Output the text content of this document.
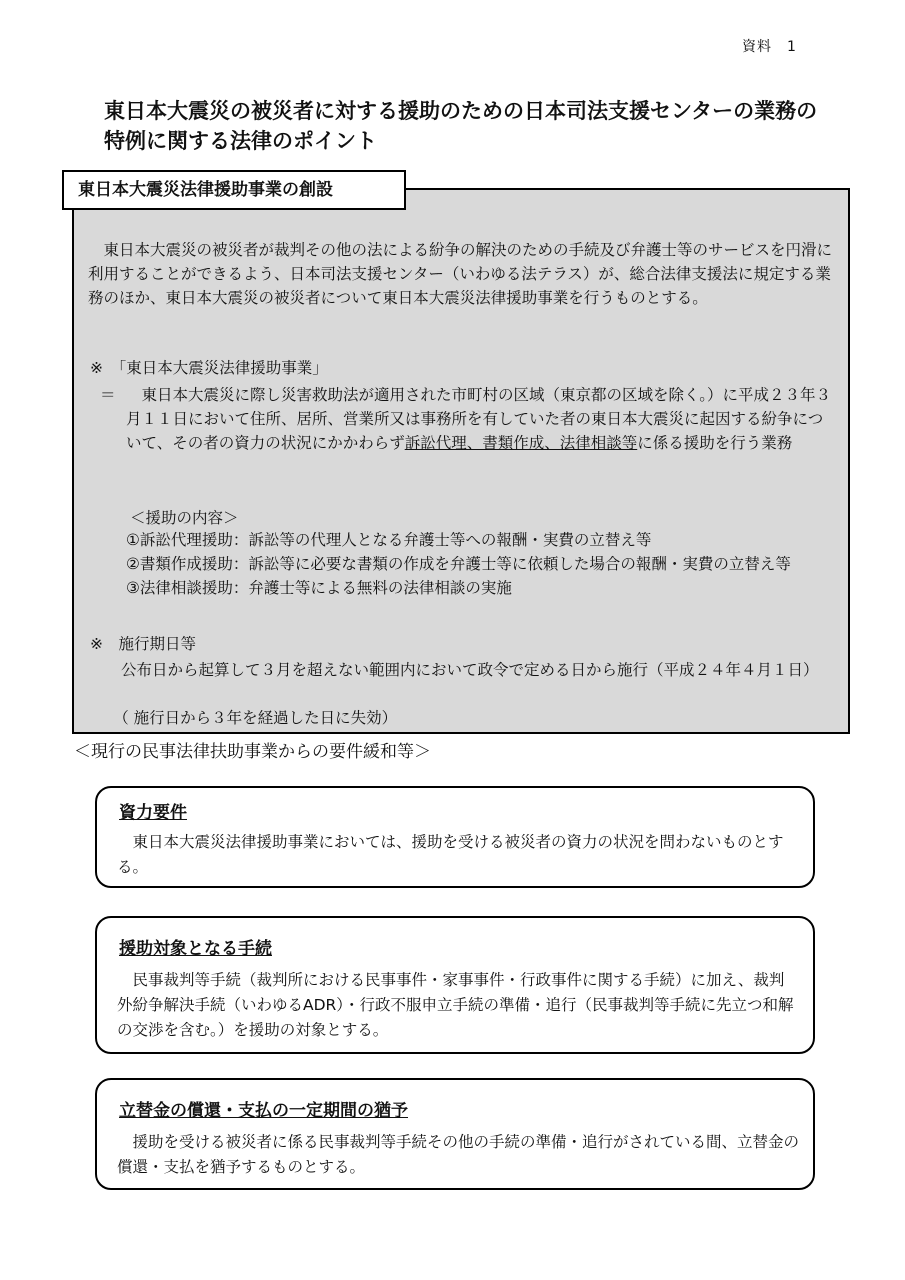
資料　1
東日本大震災の被災者に対する援助のための日本司法支援センターの業務の特例に関する法律のポイント

　東日本大震災の被災者が裁判その他の法による紛争の解決のための手続及び弁護士等のサービスを円滑に利用することができるよう、日本司法支援センター（いわゆる法テラス）が、総合法律支援法に規定する業務のほか、東日本大震災の被災者について東日本大震災法律援助事業を行うものとする。

※　「東日本大震災法律援助事業」

＝ 　東日本大震災に際し災害救助法が適用された市町村の区域（東京都の区域を除く。）に平成２３年３月１１日において住所、居所、営業所又は事務所を有していた者の東日本大震災に起因する紛争について、その者の資力の状況にかかわらず訴訟代理、書類作成、法律相談等に係る援助を行う業務

＜援助の内容＞

①訴訟代理援助： 訴訟等の代理人となる弁護士等への報酬・実費の立替え等
②書類作成援助： 訴訟等に必要な書類の作成を弁護士等に依頼した場合の報酬・実費の立替え等
③法律相談援助： 弁護士等による無料の法律相談の実施

※　施行期日等

　　公布日から起算して３月を超えない範囲内において政令で定める日から施行（平成２４年４月１日）

　　（ 施行日から３年を経過した日に失効）

東日本大震災法律援助事業の創設

＜現行の民事法律扶助事業からの要件緩和等＞

資力要件

　東日本大震災法律援助事業においては、援助を受ける被災者の資力の状況を問わないものとする。

援助対象となる手続

　民事裁判等手続（裁判所における民事事件・家事事件・行政事件に関する手続）に加え、裁判外紛争解決手続（いわゆるADR）・行政不服申立手続の準備・追行（民事裁判等手続に先立つ和解の交渉を含む。）を援助の対象とする。

立替金の償還・支払の一定期間の猶予

　援助を受ける被災者に係る民事裁判等手続その他の手続の準備・追行がされている間、立替金の償還・支払を猶予するものとする。
